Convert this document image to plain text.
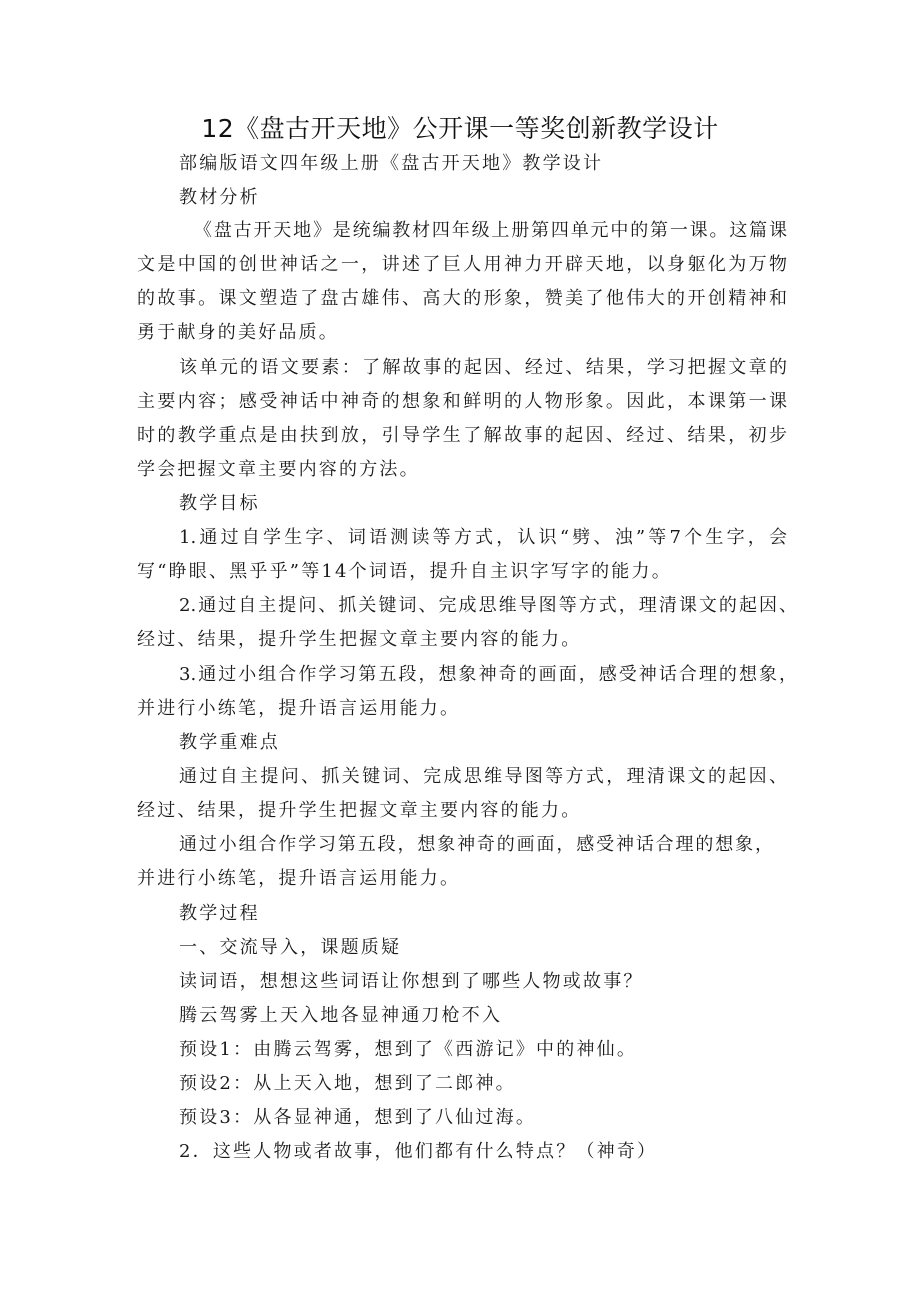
12《盘古开天地》公开课一等奖创新教学设计
部编版语文四年级上册《盘古开天地》教学设计
教材分析
《盘古开天地》是统编教材四年级上册第四单元中的第一课。这篇课
文是中国的创世神话之一，讲述了巨人用神力开辟天地，以身躯化为万物
的故事。课文塑造了盘古雄伟、高大的形象，赞美了他伟大的开创精神和
勇于献身的美好品质。
该单元的语文要素：了解故事的起因、经过、结果，学习把握文章的
主要内容；感受神话中神奇的想象和鲜明的人物形象。因此，本课第一课
时的教学重点是由扶到放，引导学生了解故事的起因、经过、结果，初步
学会把握文章主要内容的方法。
教学目标
1.通过自学生字、词语测读等方式，认识“劈、浊”等7个生字，会
写“睁眼、黑乎乎”等14个词语，提升自主识字写字的能力。
2.通过自主提问、抓关键词、完成思维导图等方式，理清课文的起因、
经过、结果，提升学生把握文章主要内容的能力。
3.通过小组合作学习第五段，想象神奇的画面，感受神话合理的想象，
并进行小练笔，提升语言运用能力。
教学重难点
通过自主提问、抓关键词、完成思维导图等方式，理清课文的起因、
经过、结果，提升学生把握文章主要内容的能力。
通过小组合作学习第五段，想象神奇的画面，感受神话合理的想象，
并进行小练笔，提升语言运用能力。
教学过程
一、交流导入，课题质疑
读词语，想想这些词语让你想到了哪些人物或故事？
腾云驾雾上天入地各显神通刀枪不入
预设1：由腾云驾雾，想到了《西游记》中的神仙。
预设2：从上天入地，想到了二郎神。
预设3：从各显神通，想到了八仙过海。
2．这些人物或者故事，他们都有什么特点？（神奇）
